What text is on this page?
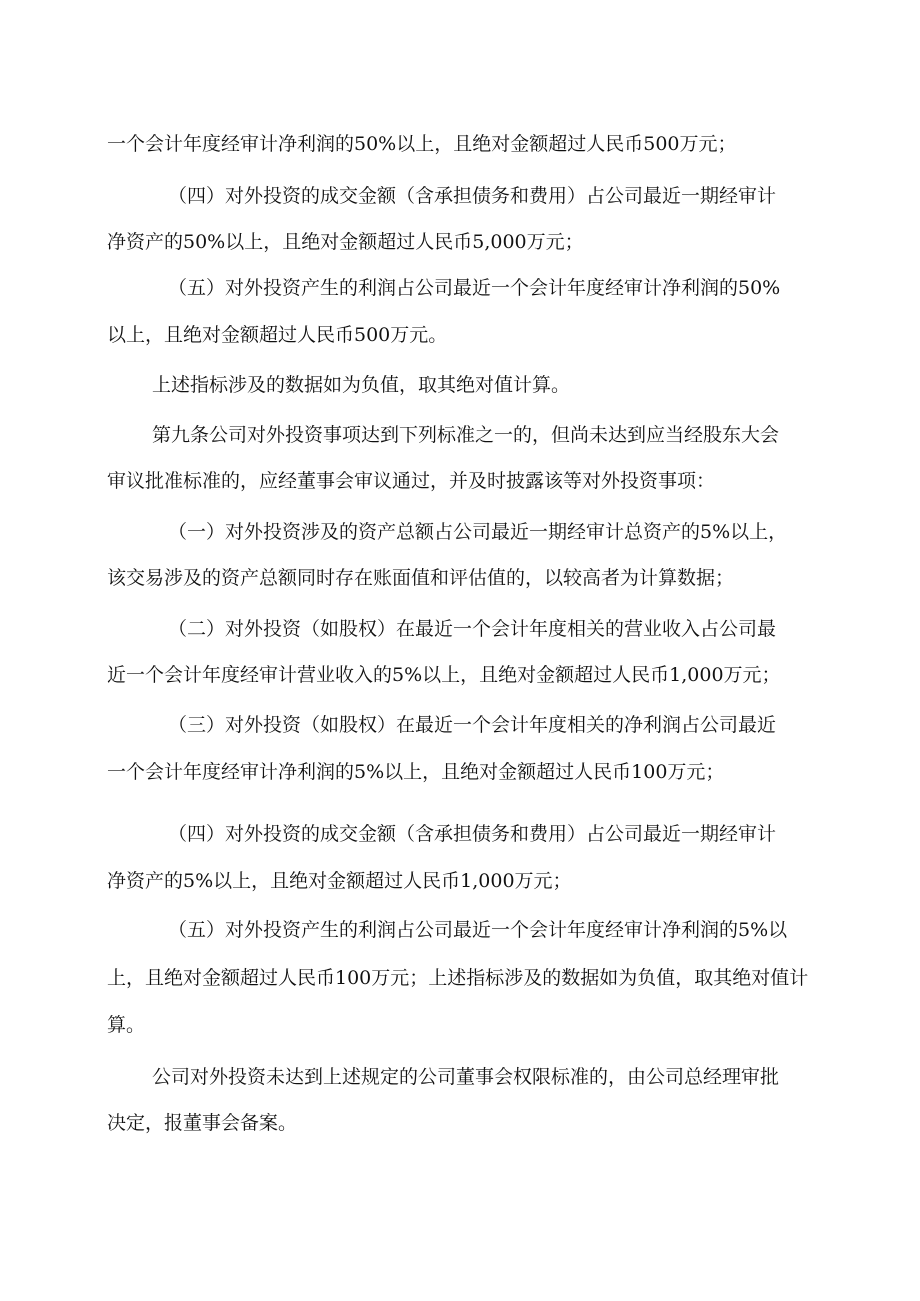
一个会计年度经审计净利润的50%以上，且绝对金额超过人民币500万元；
（四）对外投资的成交金额（含承担债务和费用）占公司最近一期经审计
净资产的50%以上，且绝对金额超过人民币5,000万元；
（五）对外投资产生的利润占公司最近一个会计年度经审计净利润的50%
以上，且绝对金额超过人民币500万元。
上述指标涉及的数据如为负值，取其绝对值计算。
第九条公司对外投资事项达到下列标准之一的，但尚未达到应当经股东大会
审议批准标准的，应经董事会审议通过，并及时披露该等对外投资事项：
（一）对外投资涉及的资产总额占公司最近一期经审计总资产的5%以上，
该交易涉及的资产总额同时存在账面值和评估值的，以较高者为计算数据；
（二）对外投资（如股权）在最近一个会计年度相关的营业收入占公司最
近一个会计年度经审计营业收入的5%以上，且绝对金额超过人民币1,000万元；
（三）对外投资（如股权）在最近一个会计年度相关的净利润占公司最近
一个会计年度经审计净利润的5%以上，且绝对金额超过人民币100万元；
（四）对外投资的成交金额（含承担债务和费用）占公司最近一期经审计
净资产的5%以上，且绝对金额超过人民币1,000万元；
（五）对外投资产生的利润占公司最近一个会计年度经审计净利润的5%以
上，且绝对金额超过人民币100万元；上述指标涉及的数据如为负值，取其绝对值计
算。
公司对外投资未达到上述规定的公司董事会权限标准的，由公司总经理审批
决定，报董事会备案。
